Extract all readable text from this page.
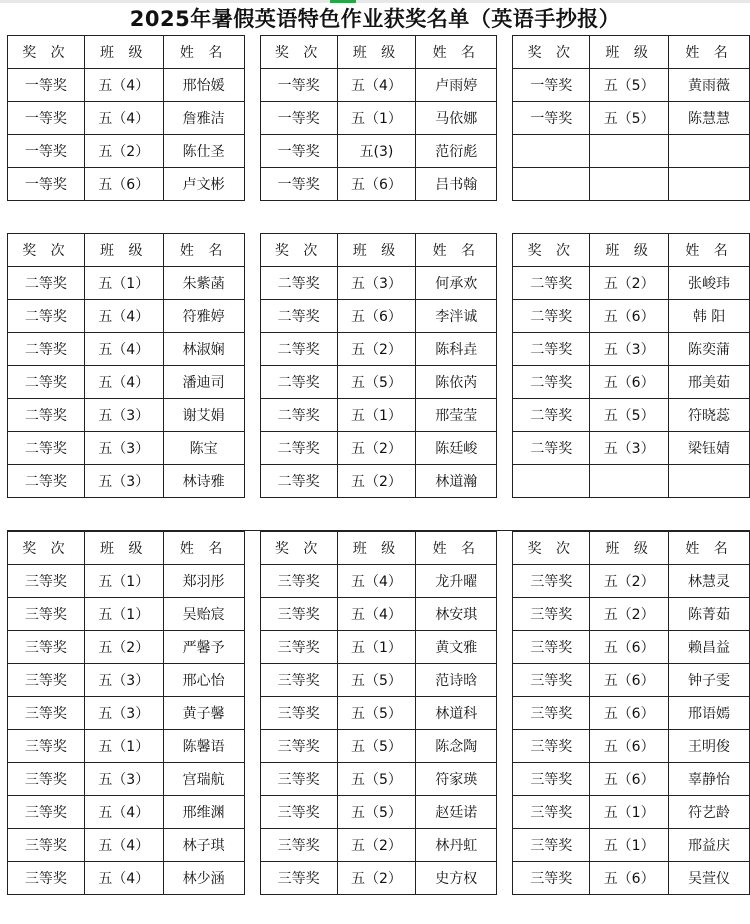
2025年暑假英语特色作业获奖名单（英语手抄报）
奖 次	班 级	姓 名		奖 次	班 级	姓 名		奖 次	班 级	姓 名
一等奖	五（4）	邢怡媛		一等奖	五（4）	卢雨婷		一等奖	五（5）	黄雨薇
一等奖	五（4）	詹雅洁		一等奖	五（1）	马依娜		一等奖	五（5）	陈慧慧
一等奖	五（2）	陈仕圣		一等奖	五(3)	范衍彪				
一等奖	五（6）	卢文彬		一等奖	五（6）	吕书翰				
奖 次	班 级	姓 名		奖 次	班 级	姓 名		奖 次	班 级	姓 名
二等奖	五（1）	朱紫菡		二等奖	五（3）	何承欢		二等奖	五（2）	张峻玮
二等奖	五（4）	符雅婷		二等奖	五（6）	李泮诚		二等奖	五（6）	韩 阳
二等奖	五（4）	林淑娴		二等奖	五（2）	陈科垚		二等奖	五（3）	陈奕蒲
二等奖	五（4）	潘迪司		二等奖	五（5）	陈依芮		二等奖	五（6）	邢美茹
二等奖	五（3）	谢艾娟		二等奖	五（1）	邢莹莹		二等奖	五（5）	符晓蕊
二等奖	五（3）	陈宝		二等奖	五（2）	陈廷峻		二等奖	五（3）	梁钰婧
二等奖	五（3）	林诗雅		二等奖	五（2）	林道瀚				
奖 次	班 级	姓 名		奖 次	班 级	姓 名		奖 次	班 级	姓 名
三等奖	五（1）	郑羽彤		三等奖	五（4）	龙升曜		三等奖	五（2）	林慧灵
三等奖	五（1）	吴贻宸		三等奖	五（4）	林安琪		三等奖	五（2）	陈菁茹
三等奖	五（2）	严馨予		三等奖	五（1）	黄文雅		三等奖	五（6）	赖昌益
三等奖	五（3）	邢心怡		三等奖	五（5）	范诗晗		三等奖	五（6）	钟子雯
三等奖	五（3）	黄子馨		三等奖	五（5）	林道科		三等奖	五（6）	邢语嫣
三等奖	五（1）	陈馨语		三等奖	五（5）	陈念陶		三等奖	五（6）	王明俊
三等奖	五（3）	宫瑞航		三等奖	五（5）	符家瑛		三等奖	五（6）	辜静怡
三等奖	五（4）	邢维渊		三等奖	五（5）	赵廷诺		三等奖	五（1）	符艺龄
三等奖	五（4）	林子琪		三等奖	五（2）	林丹虹		三等奖	五（1）	邢益庆
三等奖	五（4）	林少涵		三等奖	五（2）	史方权		三等奖	五（6）	吴萱仪
